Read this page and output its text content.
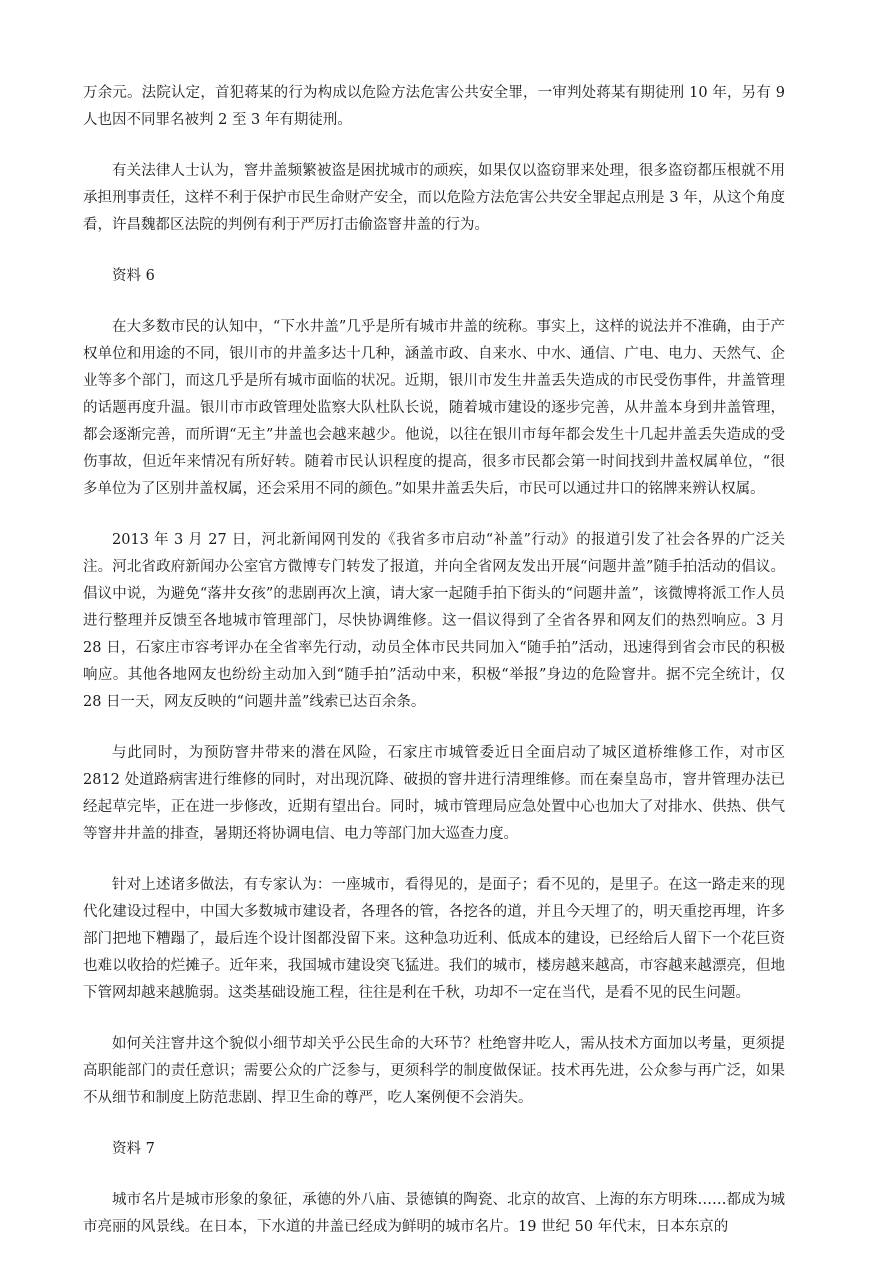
万余元。法院认定，首犯蒋某的行为构成以危险方法危害公共安全罪，一审判处蒋某有期徒刑 10 年，另有 9 人也因不同罪名被判 2 至 3 年有期徒刑。

有关法律人士认为，窨井盖频繁被盗是困扰城市的顽疾，如果仅以盗窃罪来处理，很多盗窃都压根就不用承担刑事责任，这样不利于保护市民生命财产安全，而以危险方法危害公共安全罪起点刑是 3 年，从这个角度看，许昌魏都区法院的判例有利于严厉打击偷盗窨井盖的行为。

资料 6

在大多数市民的认知中，“下水井盖”几乎是所有城市井盖的统称。事实上，这样的说法并不准确，由于产权单位和用途的不同，银川市的井盖多达十几种，涵盖市政、自来水、中水、通信、广电、电力、天然气、企业等多个部门，而这几乎是所有城市面临的状况。近期，银川市发生井盖丢失造成的市民受伤事件，井盖管理的话题再度升温。银川市市政管理处监察大队杜队长说，随着城市建设的逐步完善，从井盖本身到井盖管理，都会逐渐完善，而所谓“无主”井盖也会越来越少。他说，以往在银川市每年都会发生十几起井盖丢失造成的受伤事故，但近年来情况有所好转。随着市民认识程度的提高，很多市民都会第一时间找到井盖权属单位，“很多单位为了区别井盖权属，还会采用不同的颜色。”如果井盖丢失后，市民可以通过井口的铭牌来辨认权属。

2013 年 3 月 27 日，河北新闻网刊发的《我省多市启动“补盖”行动》的报道引发了社会各界的广泛关注。河北省政府新闻办公室官方微博专门转发了报道，并向全省网友发出开展“问题井盖”随手拍活动的倡议。倡议中说，为避免“落井女孩”的悲剧再次上演，请大家一起随手拍下街头的“问题井盖”，该微博将派工作人员进行整理并反馈至各地城市管理部门，尽快协调维修。这一倡议得到了全省各界和网友们的热烈响应。3 月 28 日，石家庄市容考评办在全省率先行动，动员全体市民共同加入“随手拍”活动，迅速得到省会市民的积极响应。其他各地网友也纷纷主动加入到“随手拍”活动中来，积极“举报”身边的危险窨井。据不完全统计，仅 28 日一天，网友反映的“问题井盖”线索已达百余条。

与此同时，为预防窨井带来的潜在风险，石家庄市城管委近日全面启动了城区道桥维修工作，对市区 2812 处道路病害进行维修的同时，对出现沉降、破损的窨井进行清理维修。而在秦皇岛市，窨井管理办法已经起草完毕，正在进一步修改，近期有望出台。同时，城市管理局应急处置中心也加大了对排水、供热、供气等窨井井盖的排查，暑期还将协调电信、电力等部门加大巡查力度。

针对上述诸多做法，有专家认为：一座城市，看得见的，是面子；看不见的，是里子。在这一路走来的现代化建设过程中，中国大多数城市建设者，各理各的管，各挖各的道，并且今天埋了的，明天重挖再埋，许多部门把地下糟蹋了，最后连个设计图都没留下来。这种急功近利、低成本的建设，已经给后人留下一个花巨资也难以收拾的烂摊子。近年来，我国城市建设突飞猛进。我们的城市，楼房越来越高，市容越来越漂亮，但地下管网却越来越脆弱。这类基础设施工程，往往是利在千秋，功却不一定在当代，是看不见的民生问题。

如何关注窨井这个貌似小细节却关乎公民生命的大环节？杜绝窨井吃人，需从技术方面加以考量，更须提高职能部门的责任意识；需要公众的广泛参与，更须科学的制度做保证。技术再先进，公众参与再广泛，如果不从细节和制度上防范悲剧、捍卫生命的尊严，吃人案例便不会消失。

资料 7

城市名片是城市形象的象征，承德的外八庙、景德镇的陶瓷、北京的故宫、上海的东方明珠……都成为城市亮丽的风景线。在日本，下水道的井盖已经成为鲜明的城市名片。19 世纪 50 年代末，日本东京的
